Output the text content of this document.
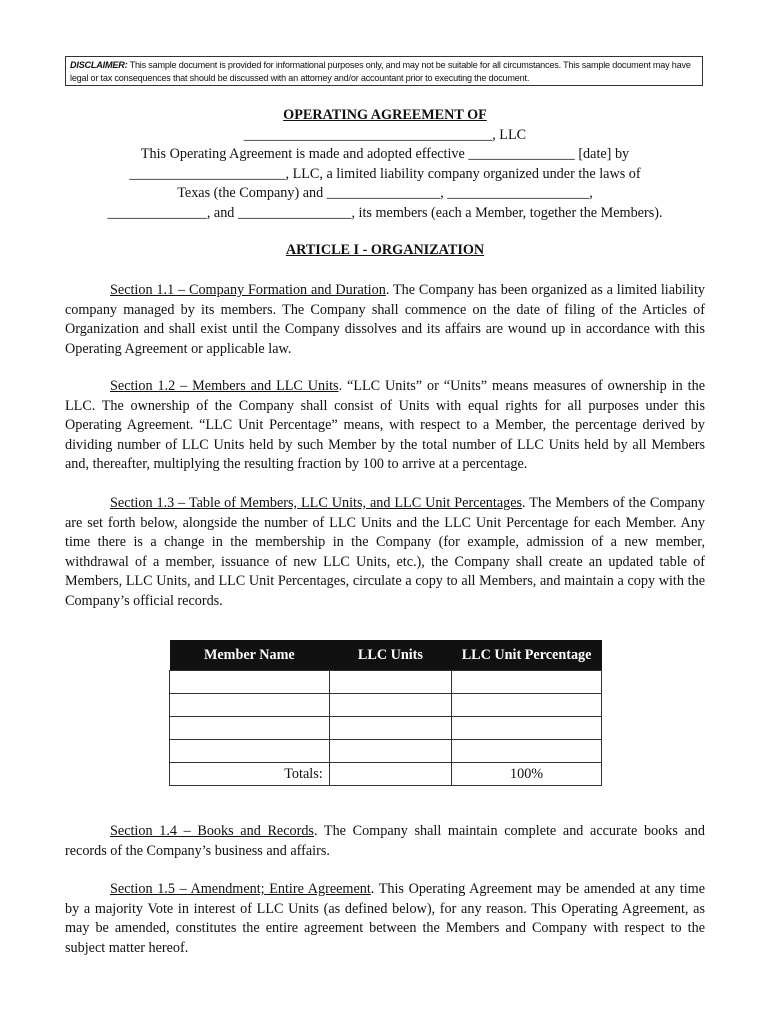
DISCLAIMER: This sample document is provided for informational purposes only, and may not be suitable for all circumstances. This sample document may have legal or tax consequences that should be discussed with an attorney and/or accountant prior to executing the document.
OPERATING AGREEMENT OF
___________________________________, LLC
This Operating Agreement is made and adopted effective _______________ [date] by
______________________, LLC, a limited liability company organized under the laws of
Texas (the Company) and ________________, ____________________,
______________, and ________________, its members (each a Member, together the Members).
ARTICLE I - ORGANIZATION
Section 1.1 – Company Formation and Duration. The Company has been organized as a limited liability company managed by its members. The Company shall commence on the date of filing of the Articles of Organization and shall exist until the Company dissolves and its affairs are wound up in accordance with this Operating Agreement or applicable law.
Section 1.2 – Members and LLC Units. “LLC Units” or “Units” means measures of ownership in the LLC. The ownership of the Company shall consist of Units with equal rights for all purposes under this Operating Agreement. “LLC Unit Percentage” means, with respect to a Member, the percentage derived by dividing number of LLC Units held by such Member by the total number of LLC Units held by all Members and, thereafter, multiplying the resulting fraction by 100 to arrive at a percentage.
Section 1.3 – Table of Members, LLC Units, and LLC Unit Percentages. The Members of the Company are set forth below, alongside the number of LLC Units and the LLC Unit Percentage for each Member. Any time there is a change in the membership in the Company (for example, admission of a new member, withdrawal of a member, issuance of new LLC Units, etc.), the Company shall create an updated table of Members, LLC Units, and LLC Unit Percentages, circulate a copy to all Members, and maintain a copy with the Company’s official records.
Member Name	LLC Units	LLC Unit Percentage

Totals:		100%
Section 1.4 – Books and Records. The Company shall maintain complete and accurate books and records of the Company’s business and affairs.
Section 1.5 – Amendment; Entire Agreement. This Operating Agreement may be amended at any time by a majority Vote in interest of LLC Units (as defined below), for any reason. This Operating Agreement, as may be amended, constitutes the entire agreement between the Members and Company with respect to the subject matter hereof.
